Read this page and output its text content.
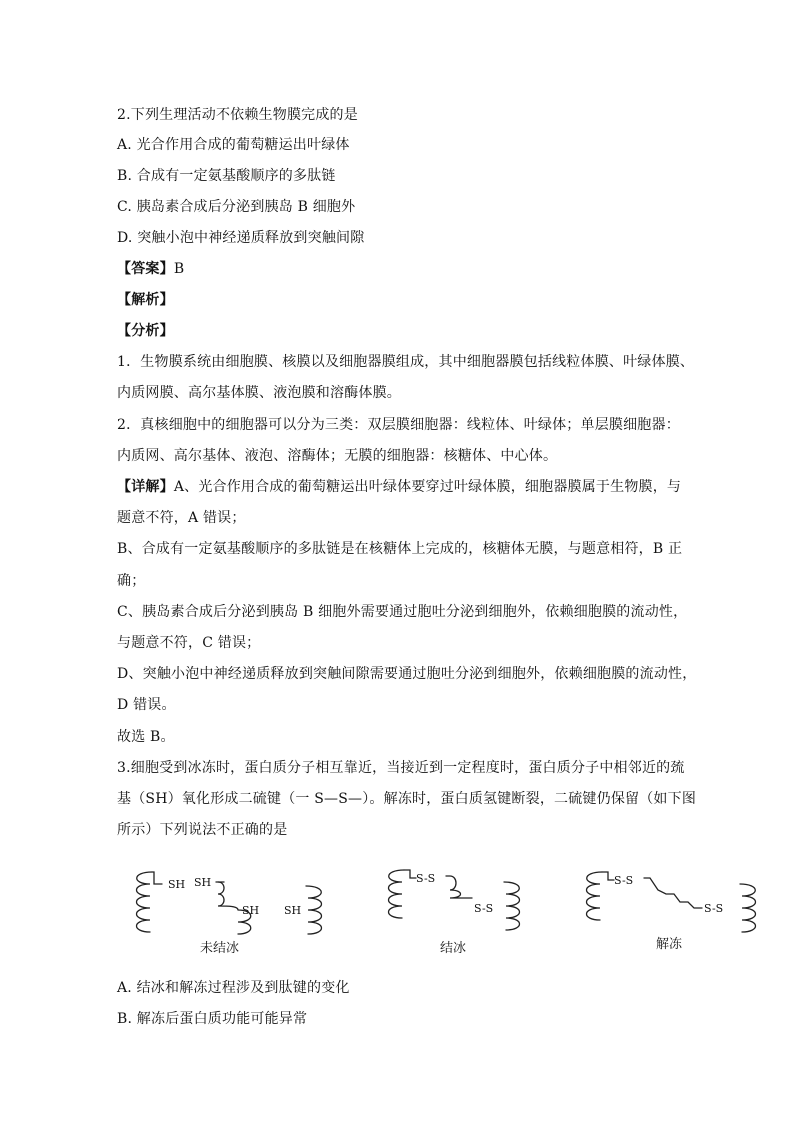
2.下列生理活动不依赖生物膜完成的是
A. 光合作用合成的葡萄糖运出叶绿体
B. 合成有一定氨基酸顺序的多肽链
C. 胰岛素合成后分泌到胰岛 B 细胞外
D. 突触小泡中神经递质释放到突触间隙
【答案】B
【解析】
【分析】
1．生物膜系统由细胞膜、核膜以及细胞器膜组成，其中细胞器膜包括线粒体膜、叶绿体膜、
内质网膜、高尔基体膜、液泡膜和溶酶体膜。
2．真核细胞中的细胞器可以分为三类：双层膜细胞器：线粒体、叶绿体；单层膜细胞器：
内质网、高尔基体、液泡、溶酶体；无膜的细胞器：核糖体、中心体。
【详解】A、光合作用合成的葡萄糖运出叶绿体要穿过叶绿体膜，细胞器膜属于生物膜，与
题意不符，A 错误；
B、合成有一定氨基酸顺序的多肽链是在核糖体上完成的，核糖体无膜，与题意相符，B 正
确；
C、胰岛素合成后分泌到胰岛 B 细胞外需要通过胞吐分泌到细胞外，依赖细胞膜的流动性，
与题意不符，C 错误；
D、突触小泡中神经递质释放到突触间隙需要通过胞吐分泌到细胞外，依赖细胞膜的流动性，
D 错误。
故选 B。
3.细胞受到冰冻时，蛋白质分子相互靠近，当接近到一定程度时，蛋白质分子中相邻近的巯
基（SH）氧化形成二硫键（一 S—S—）。解冻时，蛋白质氢键断裂，二硫键仍保留（如下图
所示）下列说法不正确的是
SH SH
SH SH
S-S
S-S
S-S
S-S
未结冰	结冰	解冻
A. 结冰和解冻过程涉及到肽键的变化
B. 解冻后蛋白质功能可能异常
